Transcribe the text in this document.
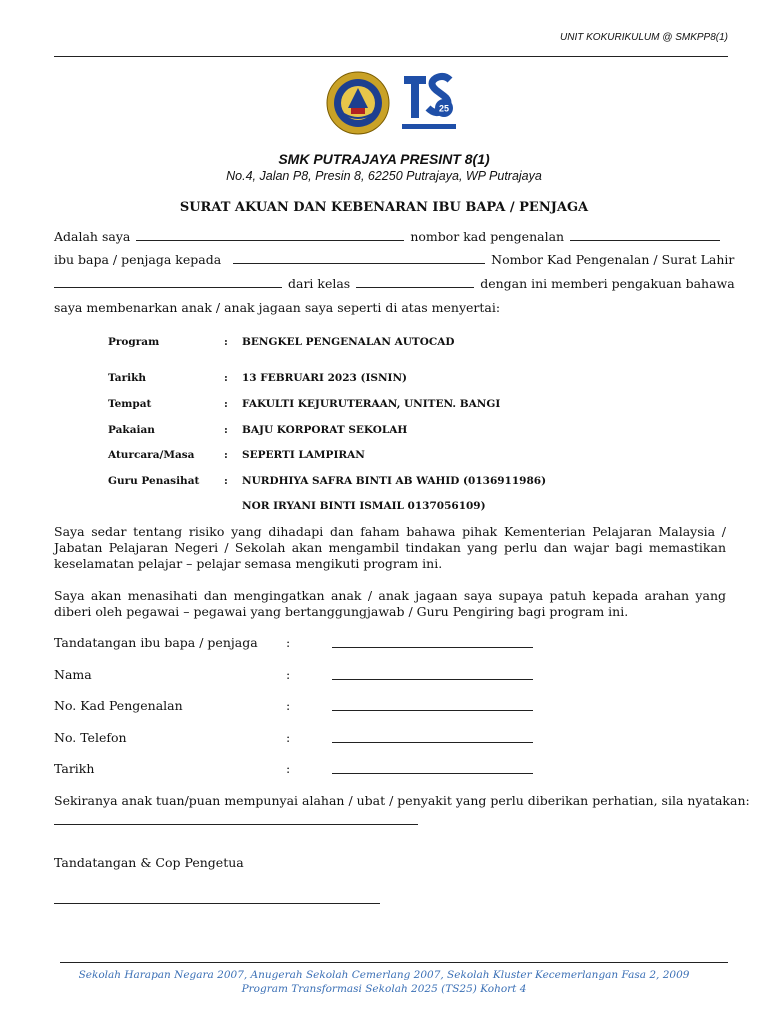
UNIT KOKURIKULUM @ SMKPP8(1)
25
SMK PUTRAJAYA PRESINT 8(1)
No.4, Jalan P8, Presin 8, 62250 Putrajaya, WP Putrajaya
SURAT AKUAN DAN KEBENARAN IBU BAPA / PENJAGA
Adalah saya	nombor kad pengenalan
ibu bapa / penjaga kepada	Nombor Kad Pengenalan / Surat Lahir
dari kelas	dengan ini memberi pengakuan bahawa
saya membenarkan anak / anak jagaan saya seperti di atas menyertai:
Program	: BENGKEL PENGENALAN AUTOCAD
Tarikh	: 13 FEBRUARI 2023 (ISNIN)
Tempat	: FAKULTI KEJURUTERAAN, UNITEN. BANGI
Pakaian	: BAJU KORPORAT SEKOLAH
Aturcara/Masa	: SEPERTI LAMPIRAN
Guru Penasihat	: NURDHIYA SAFRA BINTI AB WAHID (0136911986)
NOR IRYANI BINTI ISMAIL 0137056109)
Saya sedar tentang risiko yang dihadapi dan faham bahawa pihak Kementerian Pelajaran Malaysia / Jabatan Pelajaran Negeri / Sekolah akan mengambil tindakan yang perlu dan wajar bagi memastikan keselamatan pelajar – pelajar semasa mengikuti program ini.
Saya akan menasihati dan mengingatkan anak / anak jagaan saya supaya patuh kepada arahan yang diberi oleh pegawai – pegawai yang bertanggungjawab / Guru Pengiring bagi program ini.
Tandatangan ibu bapa / penjaga :
Nama	:
No. Kad Pengenalan	:
No. Telefon	:
Tarikh	:
Sekiranya anak tuan/puan mempunyai alahan / ubat / penyakit yang perlu diberikan perhatian, sila nyatakan:
Tandatangan & Cop Pengetua
Sekolah Harapan Negara 2007, Anugerah Sekolah Cemerlang 2007, Sekolah Kluster Kecemerlangan Fasa 2, 2009
Program Transformasi Sekolah 2025 (TS25) Kohort 4
